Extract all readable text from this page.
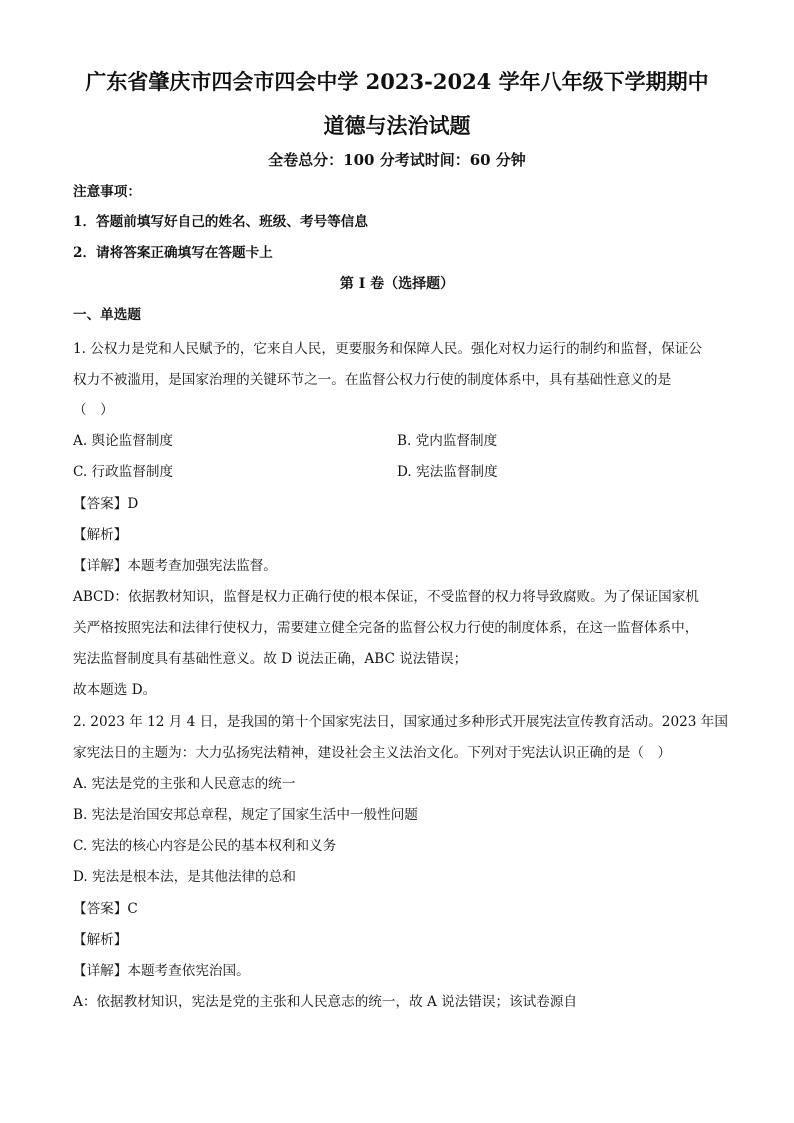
广东省肇庆市四会市四会中学 2023-2024 学年八年级下学期期中
道德与法治试题
全卷总分：100 分考试时间：60 分钟
注意事项：
1．答题前填写好自己的姓名、班级、考号等信息
2．请将答案正确填写在答题卡上
第 I 卷（选择题）
一、单选题
1. 公权力是党和人民赋予的，它来自人民，更要服务和保障人民。强化对权力运行的制约和监督，保证公
权力不被滥用，是国家治理的关键环节之一。在监督公权力行使的制度体系中，具有基础性意义的是
（　）
A. 舆论监督制度	B. 党内监督制度
C. 行政监督制度	D. 宪法监督制度
【答案】D
【解析】
【详解】本题考查加强宪法监督。
ABCD：依据教材知识，监督是权力正确行使的根本保证，不受监督的权力将导致腐败。为了保证国家机
关严格按照宪法和法律行使权力，需要建立健全完备的监督公权力行使的制度体系，在这一监督体系中，
宪法监督制度具有基础性意义。故 D 说法正确，ABC 说法错误；
故本题选 D。
2. 2023 年 12 月 4 日，是我国的第十个国家宪法日，国家通过多种形式开展宪法宣传教育活动。2023 年国
家宪法日的主题为：大力弘扬宪法精神，建设社会主义法治文化。下列对于宪法认识正确的是（　）
A. 宪法是党的主张和人民意志的统一
B. 宪法是治国安邦总章程，规定了国家生活中一般性问题
C. 宪法的核心内容是公民的基本权利和义务
D. 宪法是根本法，是其他法律的总和
【答案】C
【解析】
【详解】本题考查依宪治国。
A：依据教材知识，宪法是党的主张和人民意志的统一，故 A 说法错误；该试卷源自
